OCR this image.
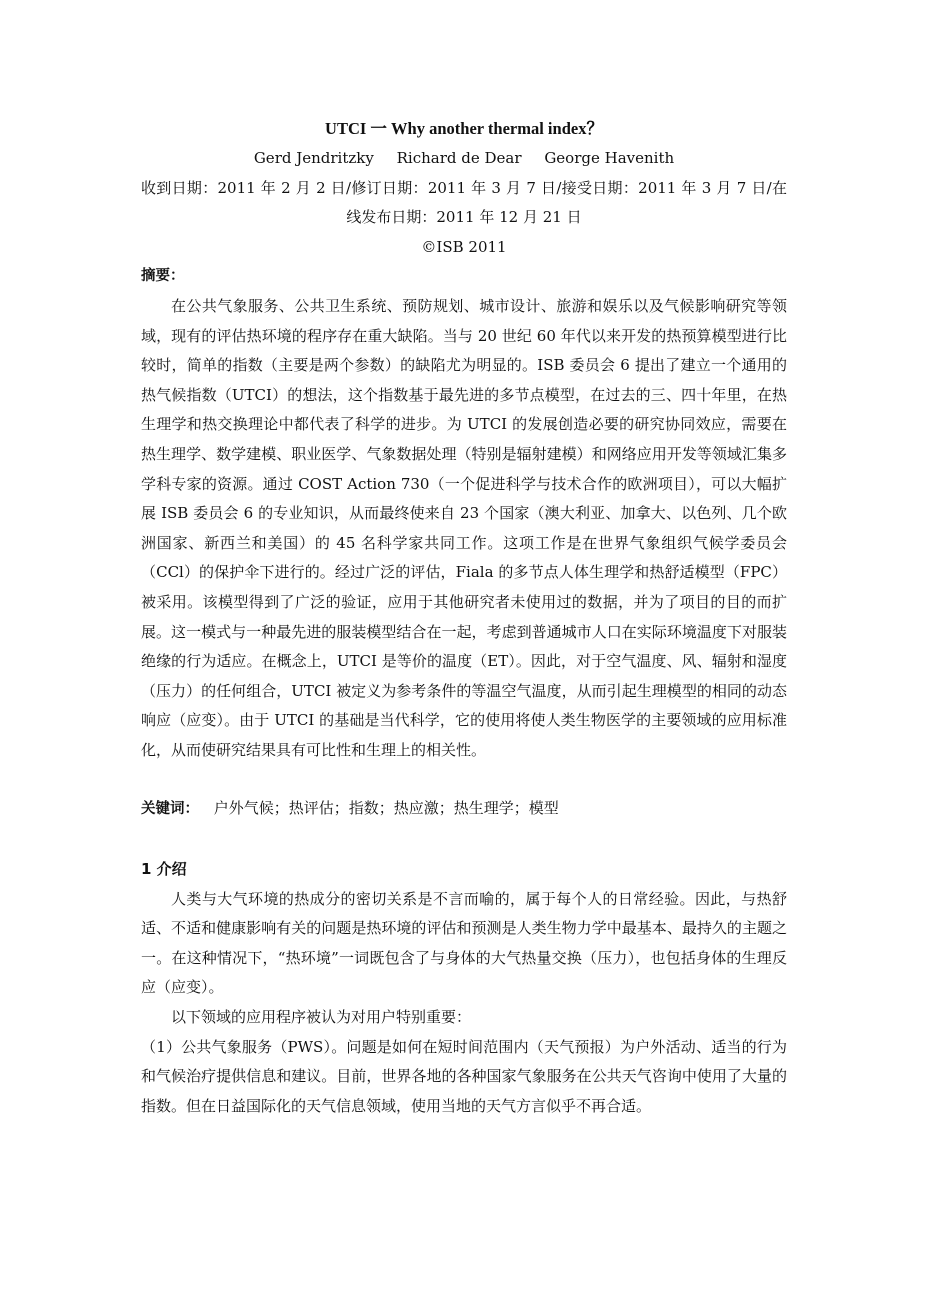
UTCI 一 Why another thermal index？
Gerd Jendritzky Richard de Dear George Havenith
收到日期：2011 年 2 月 2 日/修订日期：2011 年 3 月 7 日/接受日期：2011 年 3 月 7 日/在线发布日期：2011 年 12 月 21 日
©ISB 2011
摘要：

在公共气象服务、公共卫生系统、预防规划、城市设计、旅游和娱乐以及气候影响研究等领域，现有的评估热环境的程序存在重大缺陷。当与 20 世纪 60 年代以来开发的热预算模型进行比较时，简单的指数（主要是两个参数）的缺陷尤为明显的。ISB 委员会 6 提出了建立一个通用的热气候指数（UTCI）的想法，这个指数基于最先进的多节点模型，在过去的三、四十年里，在热生理学和热交换理论中都代表了科学的进步。为 UTCI 的发展创造必要的研究协同效应，需要在热生理学、数学建模、职业医学、气象数据处理（特别是辐射建模）和网络应用开发等领域汇集多学科专家的资源。通过 COST Action 730（一个促进科学与技术合作的欧洲项目），可以大幅扩展 ISB 委员会 6 的专业知识，从而最终使来自 23 个国家（澳大利亚、加拿大、以色列、几个欧洲国家、新西兰和美国）的 45 名科学家共同工作。这项工作是在世界气象组织气候学委员会（CCl）的保护伞下进行的。经过广泛的评估，Fiala 的多节点人体生理学和热舒适模型（FPC）被采用。该模型得到了广泛的验证，应用于其他研究者未使用过的数据，并为了项目的目的而扩展。这一模式与一种最先进的服装模型结合在一起，考虑到普通城市人口在实际环境温度下对服装绝缘的行为适应。在概念上，UTCI 是等价的温度（ET）。因此，对于空气温度、风、辐射和湿度（压力）的任何组合，UTCI 被定义为参考条件的等温空气温度，从而引起生理模型的相同的动态响应（应变）。由于 UTCI 的基础是当代科学，它的使用将使人类生物医学的主要领域的应用标准化，从而使研究结果具有可比性和生理上的相关性。

关键词： 户外气候；热评估；指数；热应激；热生理学；模型
1 介绍

人类与大气环境的热成分的密切关系是不言而喻的，属于每个人的日常经验。因此，与热舒适、不适和健康影响有关的问题是热环境的评估和预测是人类生物力学中最基本、最持久的主题之一。在这种情况下，“热环境”一词既包含了与身体的大气热量交换（压力），也包括身体的生理反应（应变）。

以下领域的应用程序被认为对用户特别重要：

（1）公共气象服务（PWS）。问题是如何在短时间范围内（天气预报）为户外活动、适当的行为和气候治疗提供信息和建议。目前，世界各地的各种国家气象服务在公共天气咨询中使用了大量的指数。但在日益国际化的天气信息领域，使用当地的天气方言似乎不再合适。
